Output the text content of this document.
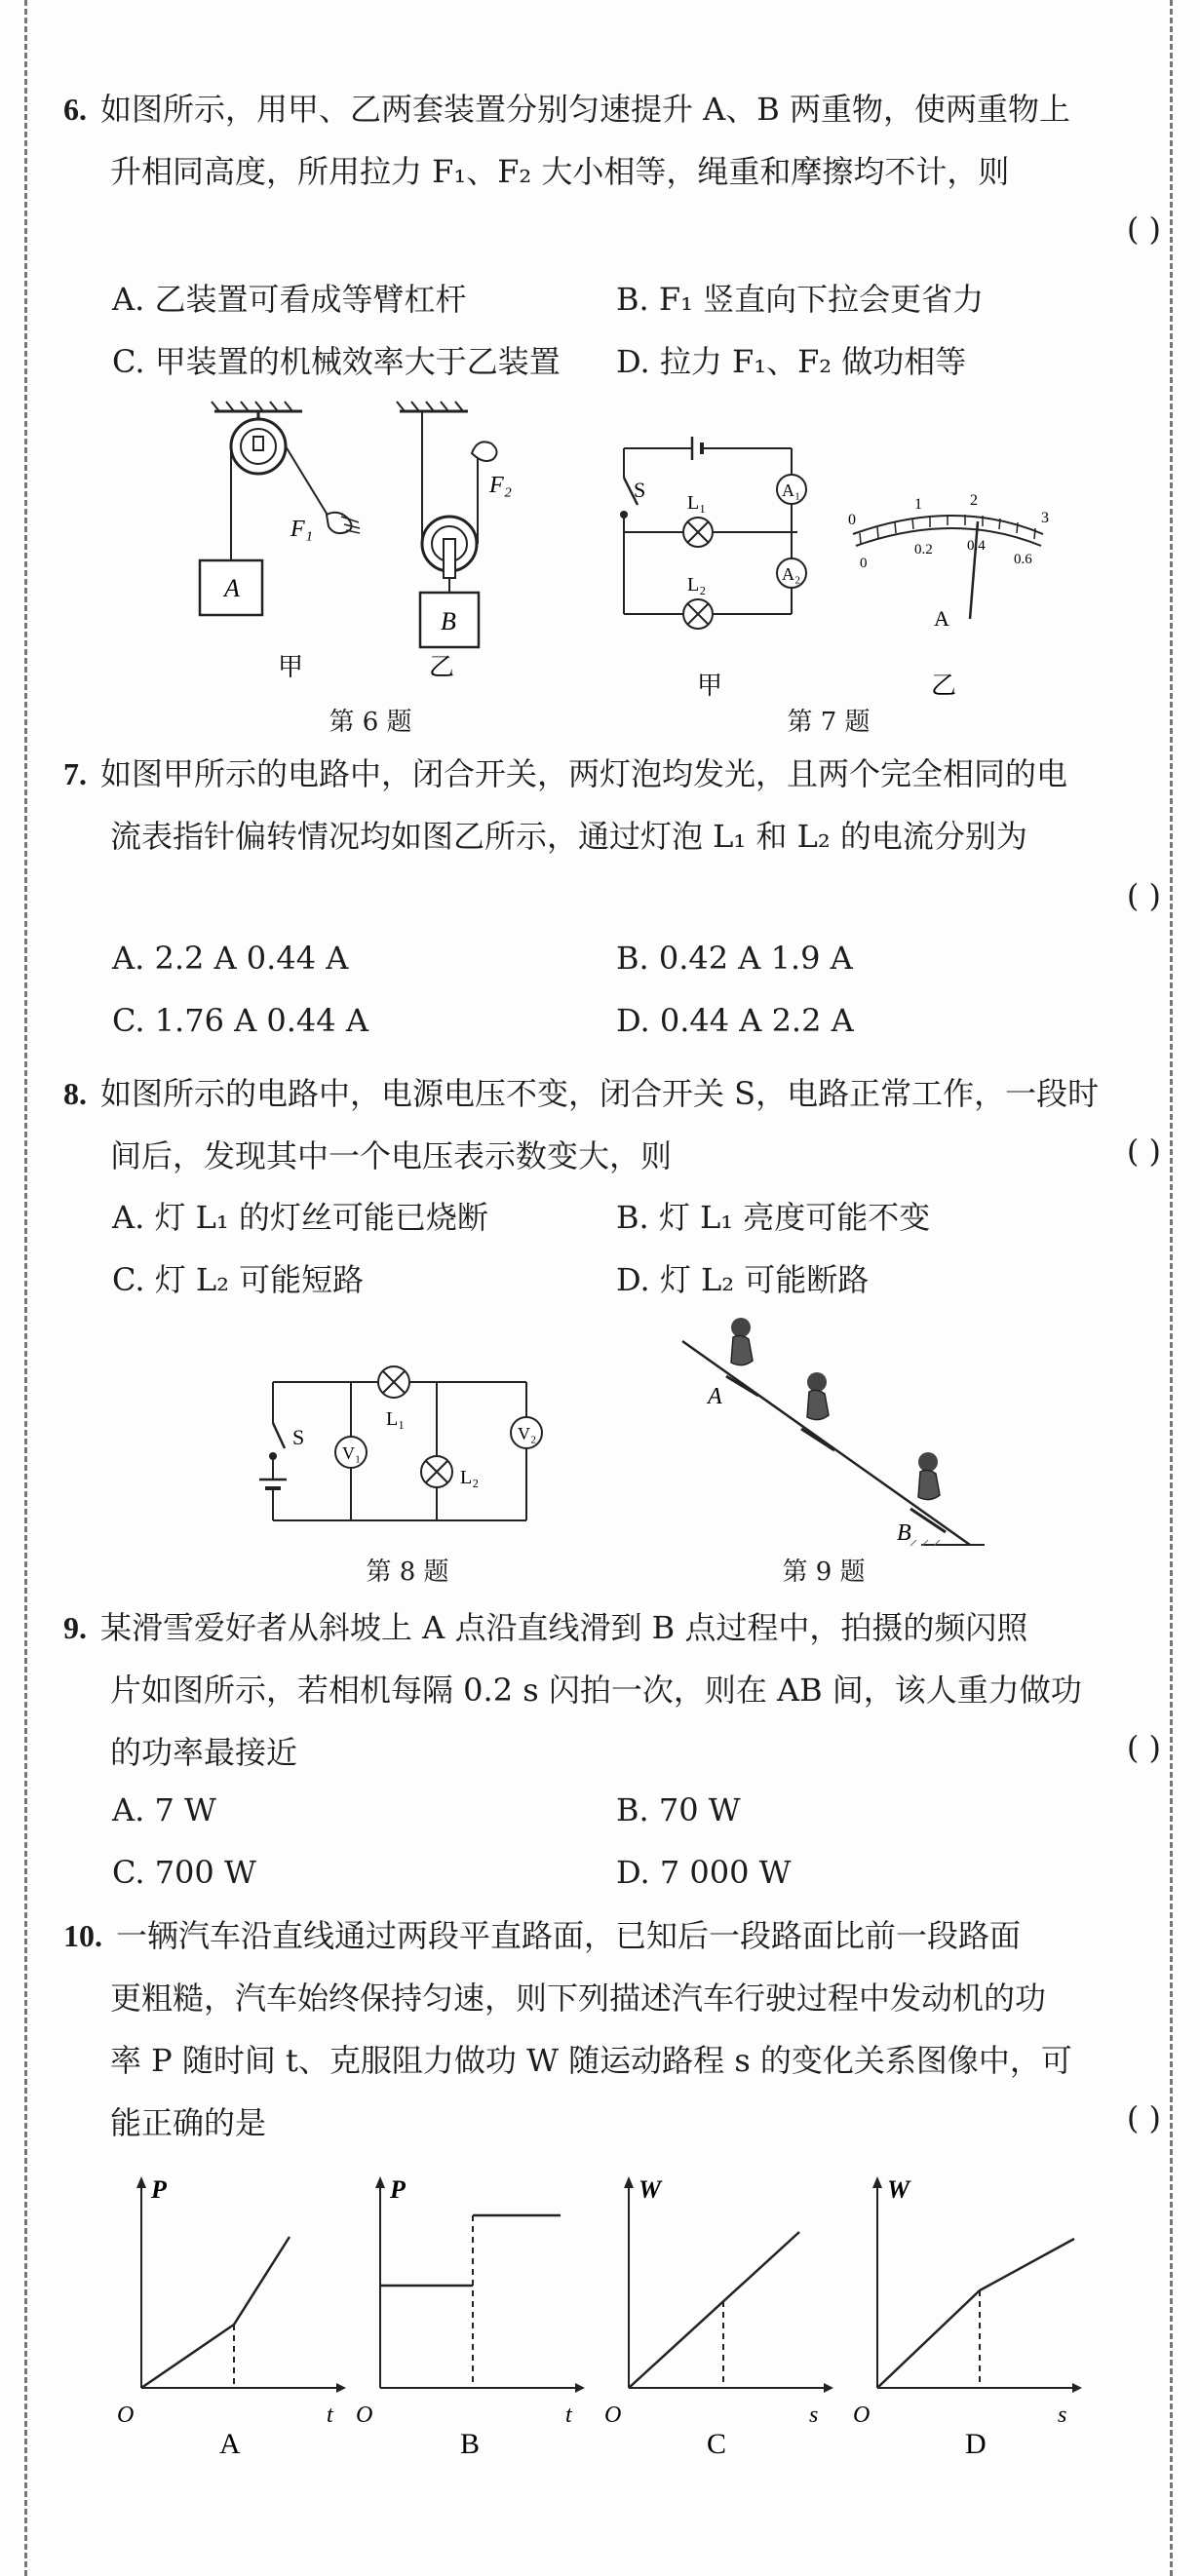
6. 如图所示，用甲、乙两套装置分别匀速提升 A、B 两重物，使两重物上
升相同高度，所用拉力 F₁、F₂ 大小相等，绳重和摩擦均不计，则
( )
A. 乙装置可看成等臂杠杆	B. F₁ 竖直向下拉会更省力
C. 甲装置的机械效率大于乙装置 D. 拉力 F₁、F₂ 做功相等
A
F₁
甲
B
F₂
乙
第 6 题
A₁
A₂
S
L₁
L₂
甲
0
1	2
3
0
0.2 0.4
0.6
A
乙
第 7 题
7. 如图甲所示的电路中，闭合开关，两灯泡均发光，且两个完全相同的电
流表指针偏转情况均如图乙所示，通过灯泡 L₁ 和 L₂ 的电流分别为
( )
A. 2.2 A 0.44 A	B. 0.42 A 1.9 A
C. 1.76 A 0.44 A	D. 0.44 A 2.2 A
8. 如图所示的电路中，电源电压不变，闭合开关 S，电路正常工作，一段时
间后，发现其中一个电压表示数变大，则	( )
A. 灯 L₁ 的灯丝可能已烧断	B. 灯 L₁ 亮度可能不变
C. 灯 L₂ 可能短路	D. 灯 L₂ 可能断路
V₁
V₂
S
L₁
L₂
第 8 题
A
B
第 9 题
9. 某滑雪爱好者从斜坡上 A 点沿直线滑到 B 点过程中，拍摄的频闪照
片如图所示，若相机每隔 0.2 s 闪拍一次，则在 AB 间，该人重力做功
的功率最接近	( )
A. 7 W	B. 70 W
C. 700 W	D. 7 000 W
10. 一辆汽车沿直线通过两段平直路面，已知后一段路面比前一段路面
更粗糙，汽车始终保持匀速，则下列描述汽车行驶过程中发动机的功
率 P 随时间 t、克服阻力做功 W 随运动路程 s 的变化关系图像中，可
能正确的是	( )
P
t
O
A
P
t
O
B
W
s
O
C
W
s
O
D
